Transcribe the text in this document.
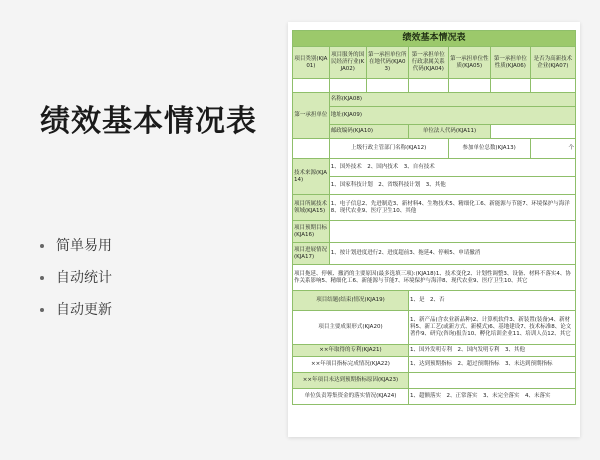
绩效基本情况表
简单易用
自动统计
自动更新
绩效基本情况表						
项目类别(KJA01)	项目服务的国民经济行业(KJA02)	第一承担单位所在地代码(KJA03)	第一承担单位行政隶属关系代码(KJA04)	第一承担单位性质(KJA05)	第一承担单位性质(KJA06)	是否为高新技术企业(KJA07)

第一承担单位	名称(KJA08)					
	地址(KJA09)					
	邮政编码(KJA10)		单位法人代码(KJA11)			
	上级行政主管部门名称(KJA12)			参加单位总数(KJA13)		个
技术来源(KJA14)	1、国外技术　2、国内技术　3、自有技术					
	1、国家科技计划　2、省级科技计划　3、其他					
项目所属技术领域(KJA15)	1、电子信息2、先进制造3、新材料4、生物技术5、精细化工6、新能源与节能7、环境保护与海洋8、现代农业9、医疗卫生10、其他					
项目预期目标(KJA16)						
项目进展情况(KJA17)	1、按计划进度进行2、进度超前3、拖延4、停顿5、申请撤消					
项目拖延、停顿、撤消的主要原因(最多选填三项):(KJA18)1、技术变化2、计划性调整3、设备、材料不落实4、协作关系影响5、精细化工6、新能源与节能7、环境保护与海洋8、现代农业9、医疗卫生10、其它						
项目结题(结束)情况(KJA19)			1、是　2、否			
项目主要成果形式(KJA20)			1、新产品(含农业新品种)2、计算机软件3、新装置(装备)4、新材料5、新工艺(或新方式、新模式)6、基地建设7、技术标准8、论文著作9、研究(咨询)报告10、孵化培训企业11、培训人员12、其它			
××年取得的专利(KJA21)			1、国外发明专利　2、国内发明专利　3、其他			
××年项目指标完成情况(KJA22)			1、达到预期指标　2、超过预期指标　3、未达到预期指标			
××年项目未达到预期指标原因(KJA23)						
单位负责筹集资金的落实情况(KJA24)			1、超额落实　2、正常落实　3、未完全落实　4、未落实			
